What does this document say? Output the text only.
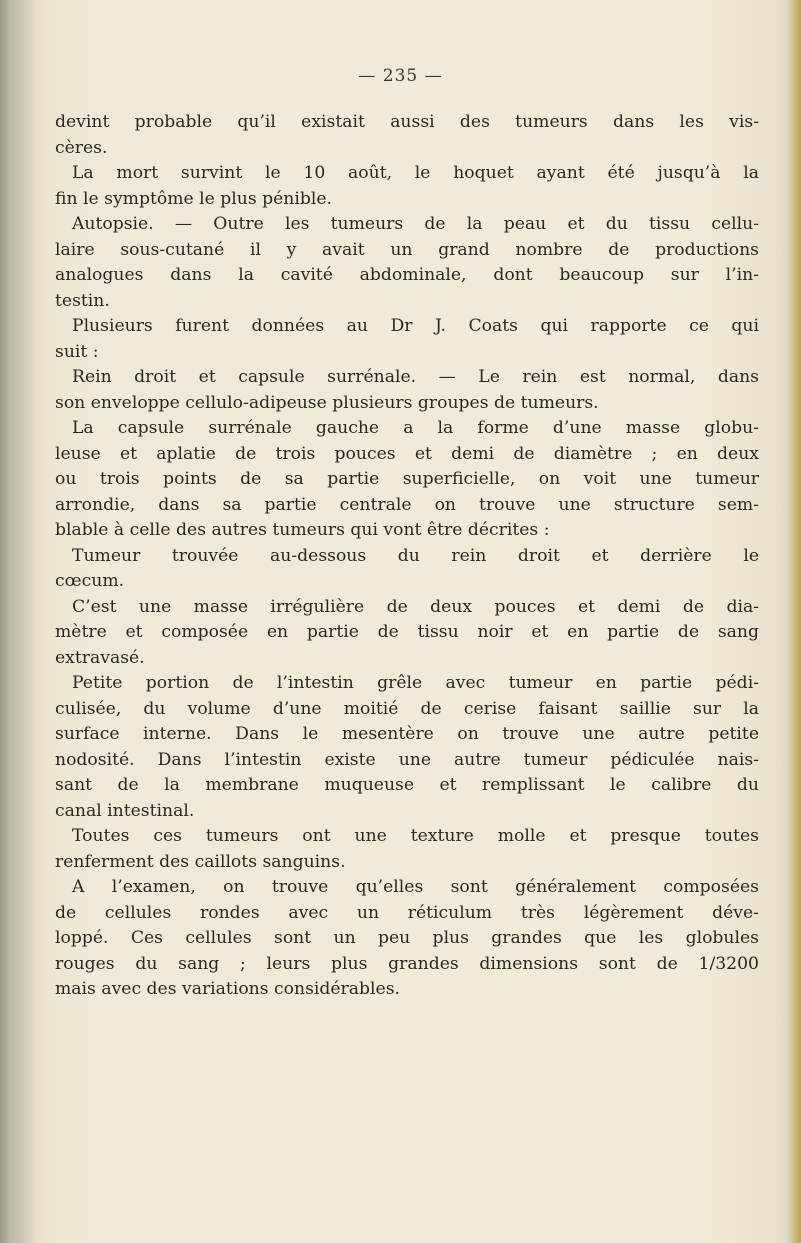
— 235 —
devint probable qu’il existait aussi des tumeurs dans les vis-
cères.
La mort survint le 10 août, le hoquet ayant été jusqu’à la
fin le symptôme le plus pénible.
Autopsie. — Outre les tumeurs de la peau et du tissu cellu-
laire sous-cutané il y avait un grand nombre de productions
analogues dans la cavité abdominale, dont beaucoup sur l’in-
testin.
Plusieurs furent données au Dr J. Coats qui rapporte ce qui
suit :
Rein droit et capsule surrénale. — Le rein est normal, dans
son enveloppe cellulo-adipeuse plusieurs groupes de tumeurs.
La capsule surrénale gauche a la forme d’une masse globu-
leuse et aplatie de trois pouces et demi de diamètre ; en deux
ou trois points de sa partie superficielle, on voit une tumeur
arrondie, dans sa partie centrale on trouve une structure sem-
blable à celle des autres tumeurs qui vont être décrites :
Tumeur trouvée au-dessous du rein droit et derrière le
cœcum.
C’est une masse irrégulière de deux pouces et demi de dia-
mètre et composée en partie de tissu noir et en partie de sang
extravasé.
Petite portion de l’intestin grêle avec tumeur en partie pédi-
culisée, du volume d’une moitié de cerise faisant saillie sur la
surface interne. Dans le mesentère on trouve une autre petite
nodosité. Dans l’intestin existe une autre tumeur pédiculée nais-
sant de la membrane muqueuse et remplissant le calibre du
canal intestinal.
Toutes ces tumeurs ont une texture molle et presque toutes
renferment des caillots sanguins.
A l’examen, on trouve qu’elles sont généralement composées
de cellules rondes avec un réticulum très légèrement déve-
loppé. Ces cellules sont un peu plus grandes que les globules
rouges du sang ; leurs plus grandes dimensions sont de 1/3200
mais avec des variations considérables.
